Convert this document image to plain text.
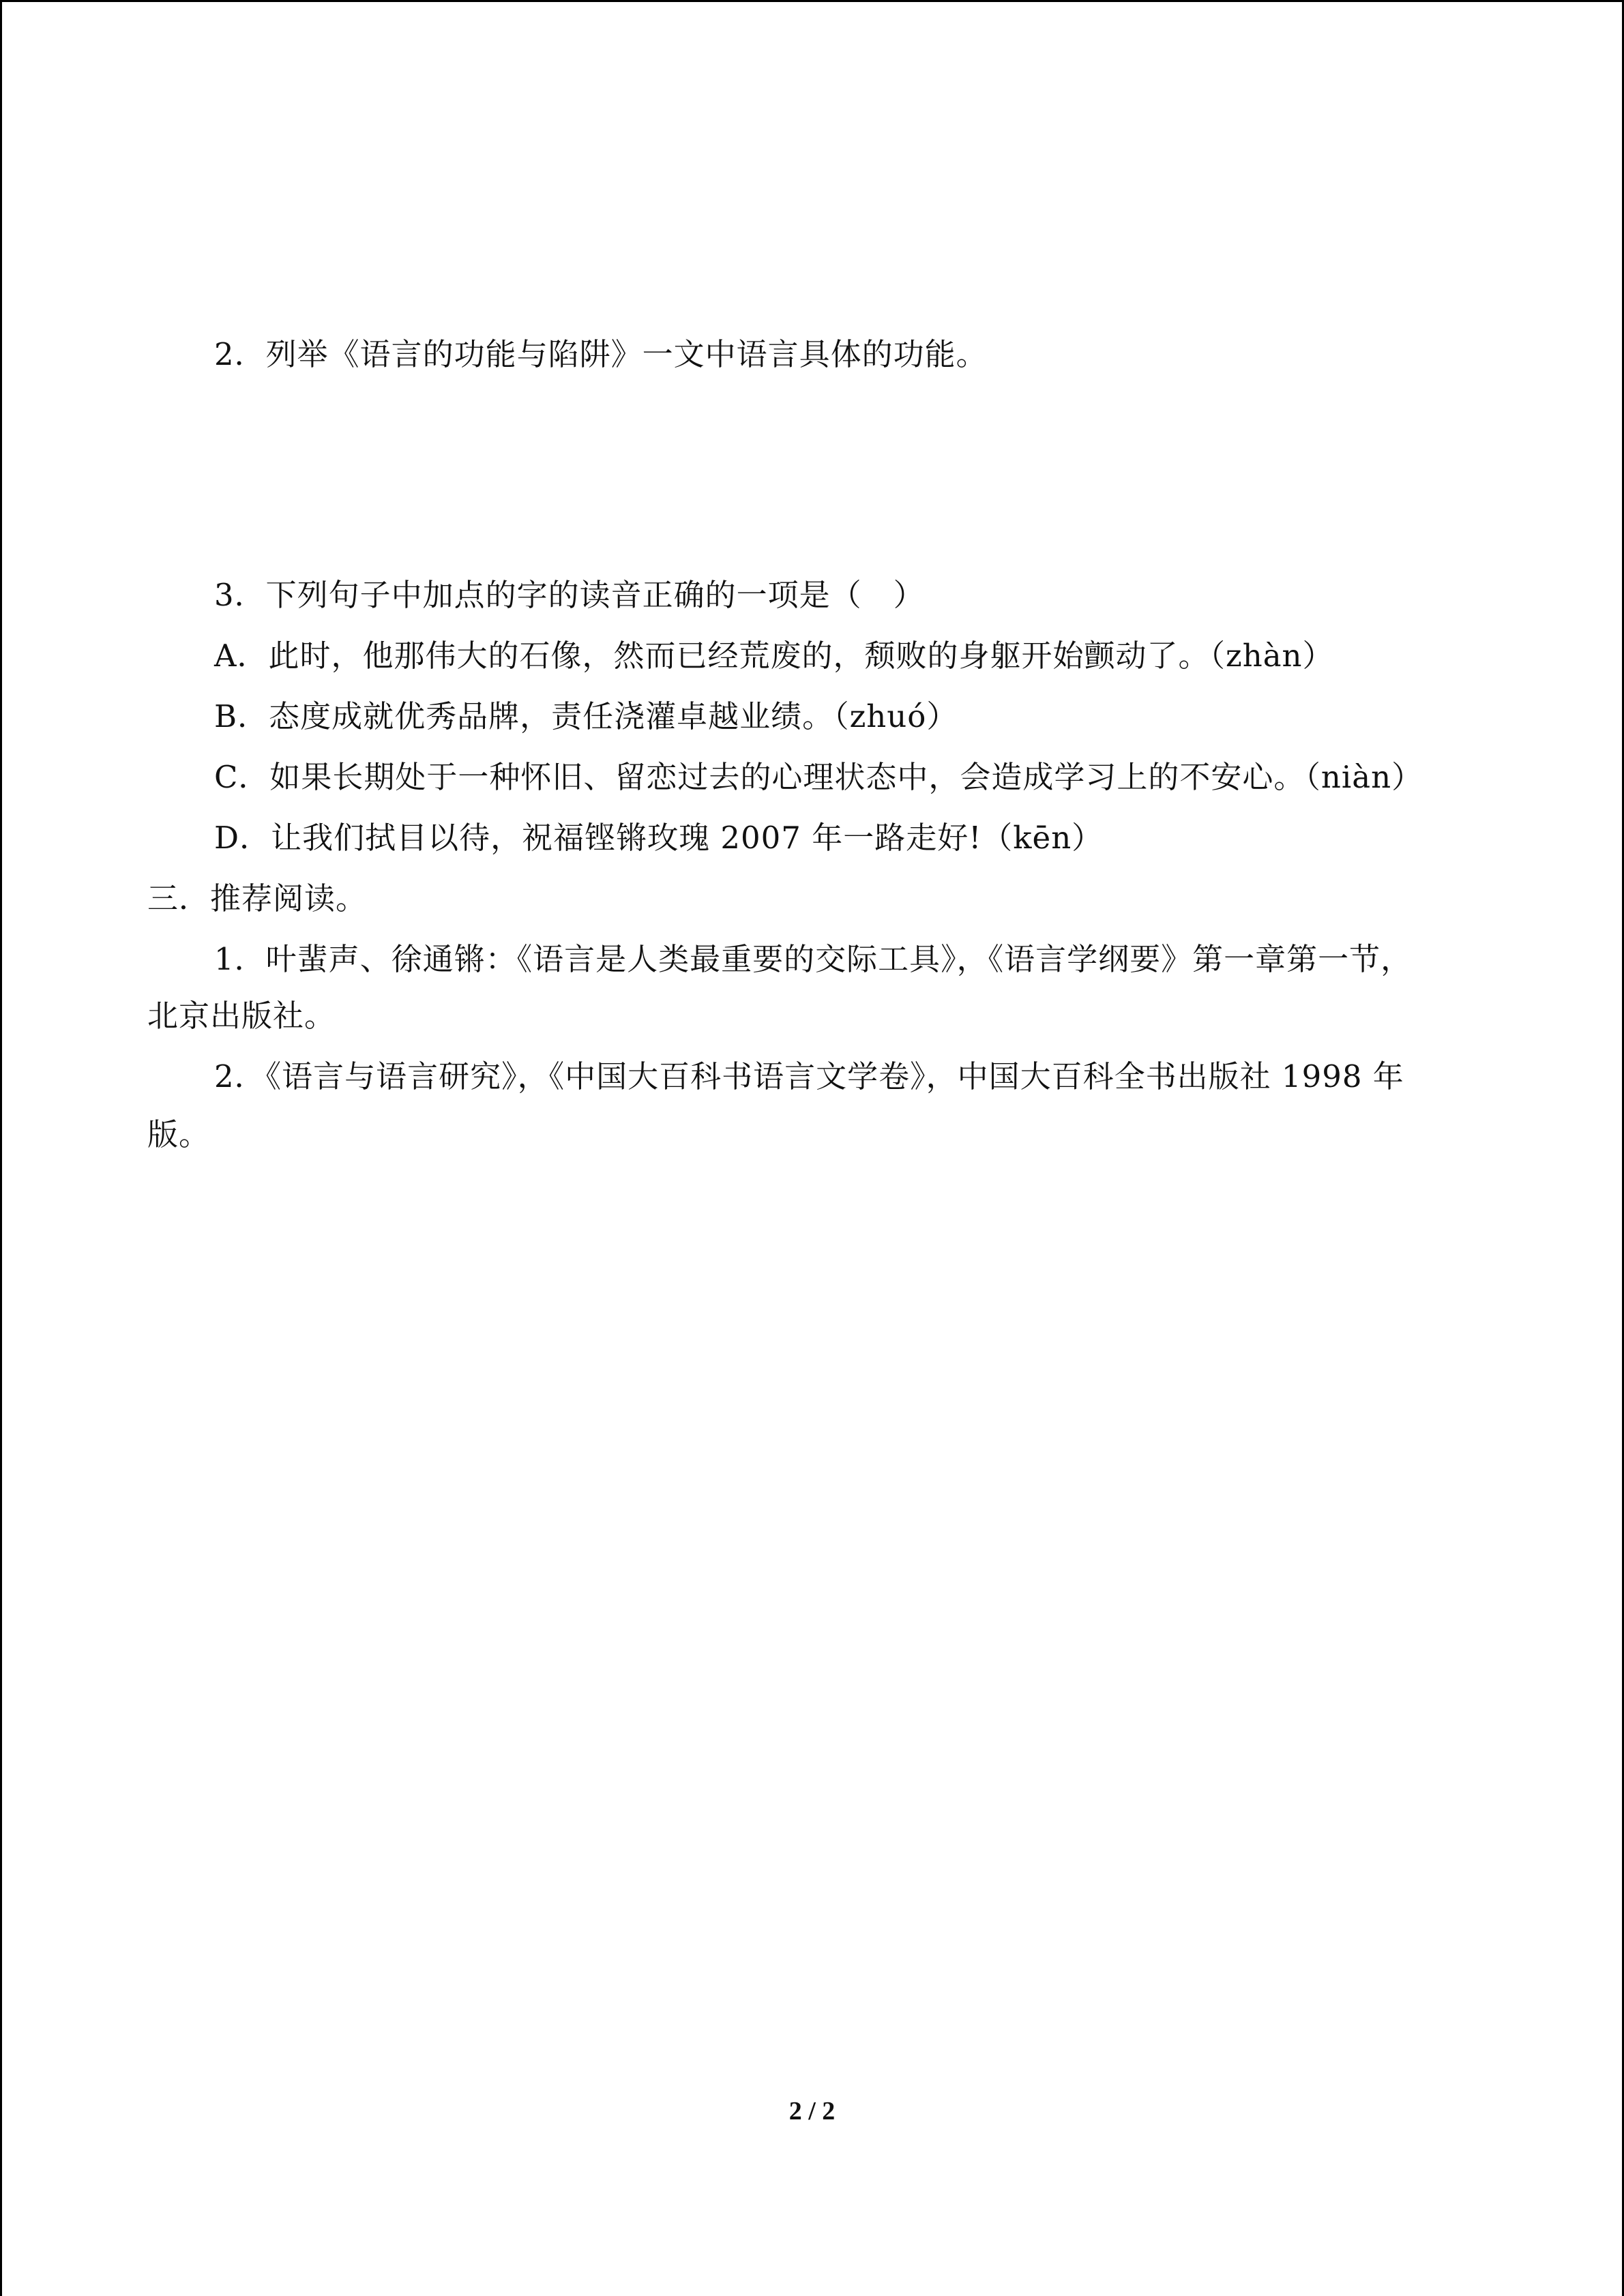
2．列举《语言的功能与陷阱》一文中语言具体的功能。
3．下列句子中加点的字的读音正确的一项是（　）
A．此时，他那伟大的石像，然而已经荒废的，颓败的身躯开始颤动了。（zhàn）
B．态度成就优秀品牌，责任浇灌卓越业绩。（zhuó）
C．如果长期处于一种怀旧、留恋过去的心理状态中，会造成学习上的不安心。（niàn）
D．让我们拭目以待，祝福铿锵玫瑰 2007 年一路走好!（kēn）
三．推荐阅读。
1．叶蜚声、徐通锵：《语言是人类最重要的交际工具》，《语言学纲要》第一章第一节，
北京出版社。
2．《语言与语言研究》，《中国大百科书语言文学卷》，中国大百科全书出版社 1998 年
版。
2 / 2
